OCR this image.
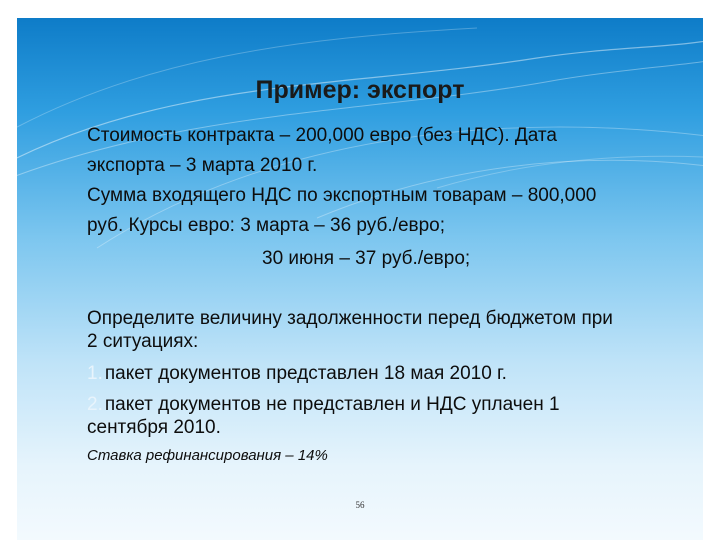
Пример: экспорт
Стоимость контракта – 200,000 евро (без НДС). Дата
экспорта – 3 марта 2010 г.
Сумма входящего НДС по экспортным товарам – 800,000
руб. Курсы евро: 3 марта – 36 руб./евро;
30 июня – 37 руб./евро;
Определите величину задолженности перед бюджетом при
2 ситуациях:
1. пакет документов представлен 18 мая 2010 г.
2. пакет документов не представлен и НДС уплачен 1
сентября 2010.
Ставка рефинансирования – 14%
56
